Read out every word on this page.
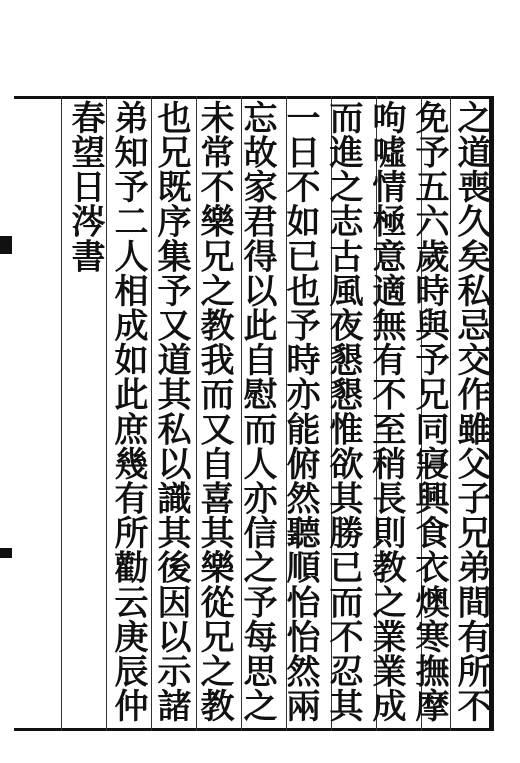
之道喪久矣私忌交作雖父子兄弟間有所不
免予五六歲時與予兄同寢興食衣燠寒撫摩
呴噓情極意適無有不至稍長則教之業業成
而進之志古風夜懇懇惟欲其勝已而不忍其
一日不如已也予時亦能俯然聽順怡怡然兩
忘故家君得以此自慰而人亦信之予每思之
未常不樂兄之教我而又自喜其樂從兄之教
也兄既序集予又道其私以識其後因以示諸
弟知予二人相成如此庶幾有所勸云庚辰仲
春望日涔書
